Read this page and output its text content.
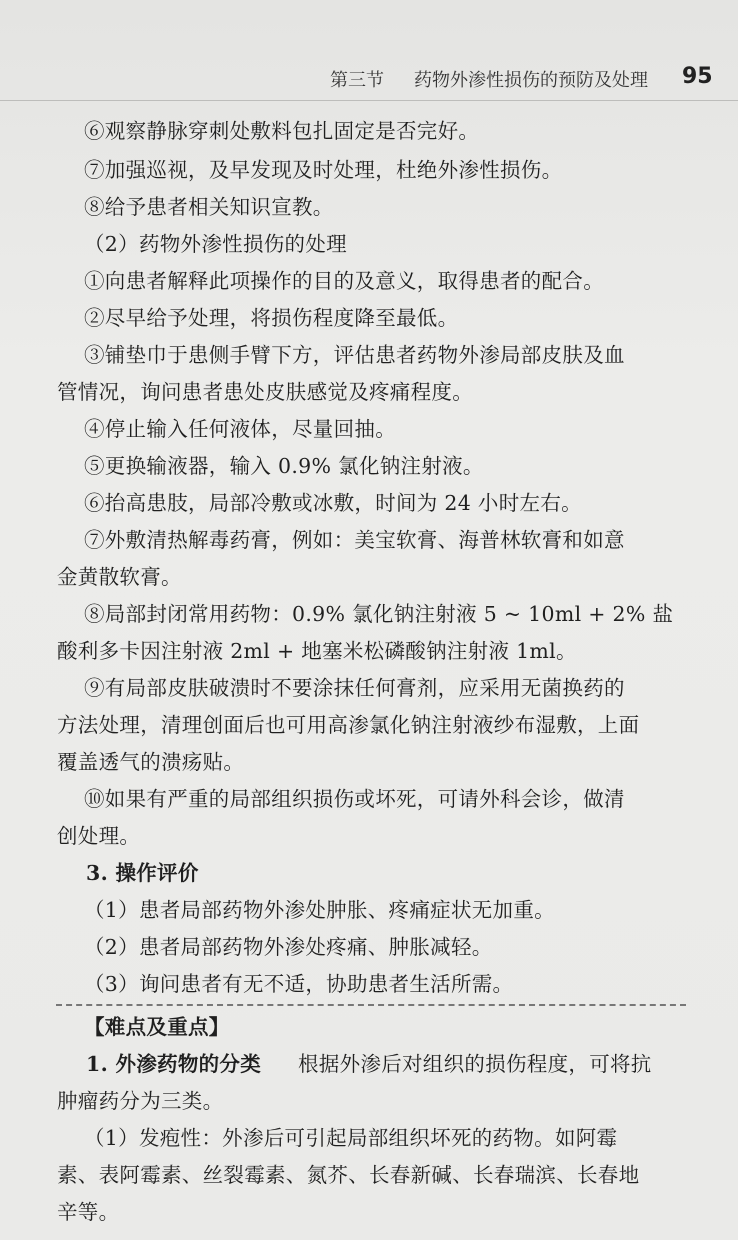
第三节 药物外渗性损伤的预防及处理 95
⑥观察静脉穿刺处敷料包扎固定是否完好。
⑦加强巡视，及早发现及时处理，杜绝外渗性损伤。
⑧给予患者相关知识宣教。
（2）药物外渗性损伤的处理
①向患者解释此项操作的目的及意义，取得患者的配合。
②尽早给予处理，将损伤程度降至最低。
③铺垫巾于患侧手臂下方，评估患者药物外渗局部皮肤及血
管情况，询问患者患处皮肤感觉及疼痛程度。
④停止输入任何液体，尽量回抽。
⑤更换输液器，输入 0.9% 氯化钠注射液。
⑥抬高患肢，局部冷敷或冰敷，时间为 24 小时左右。
⑦外敷清热解毒药膏，例如：美宝软膏、海普林软膏和如意
金黄散软膏。
⑧局部封闭常用药物：0.9% 氯化钠注射液 5 ~ 10ml + 2% 盐
酸利多卡因注射液 2ml + 地塞米松磷酸钠注射液 1ml。
⑨有局部皮肤破溃时不要涂抹任何膏剂，应采用无菌换药的
方法处理，清理创面后也可用高渗氯化钠注射液纱布湿敷，上面
覆盖透气的溃疡贴。
⑩如果有严重的局部组织损伤或坏死，可请外科会诊，做清
创处理。
3. 操作评价
（1）患者局部药物外渗处肿胀、疼痛症状无加重。
（2）患者局部药物外渗处疼痛、肿胀减轻。
（3）询问患者有无不适，协助患者生活所需。
【难点及重点】
1. 外渗药物的分类 根据外渗后对组织的损伤程度，可将抗
肿瘤药分为三类。
（1）发疱性：外渗后可引起局部组织坏死的药物。如阿霉
素、表阿霉素、丝裂霉素、氮芥、长春新碱、长春瑞滨、长春地
辛等。
